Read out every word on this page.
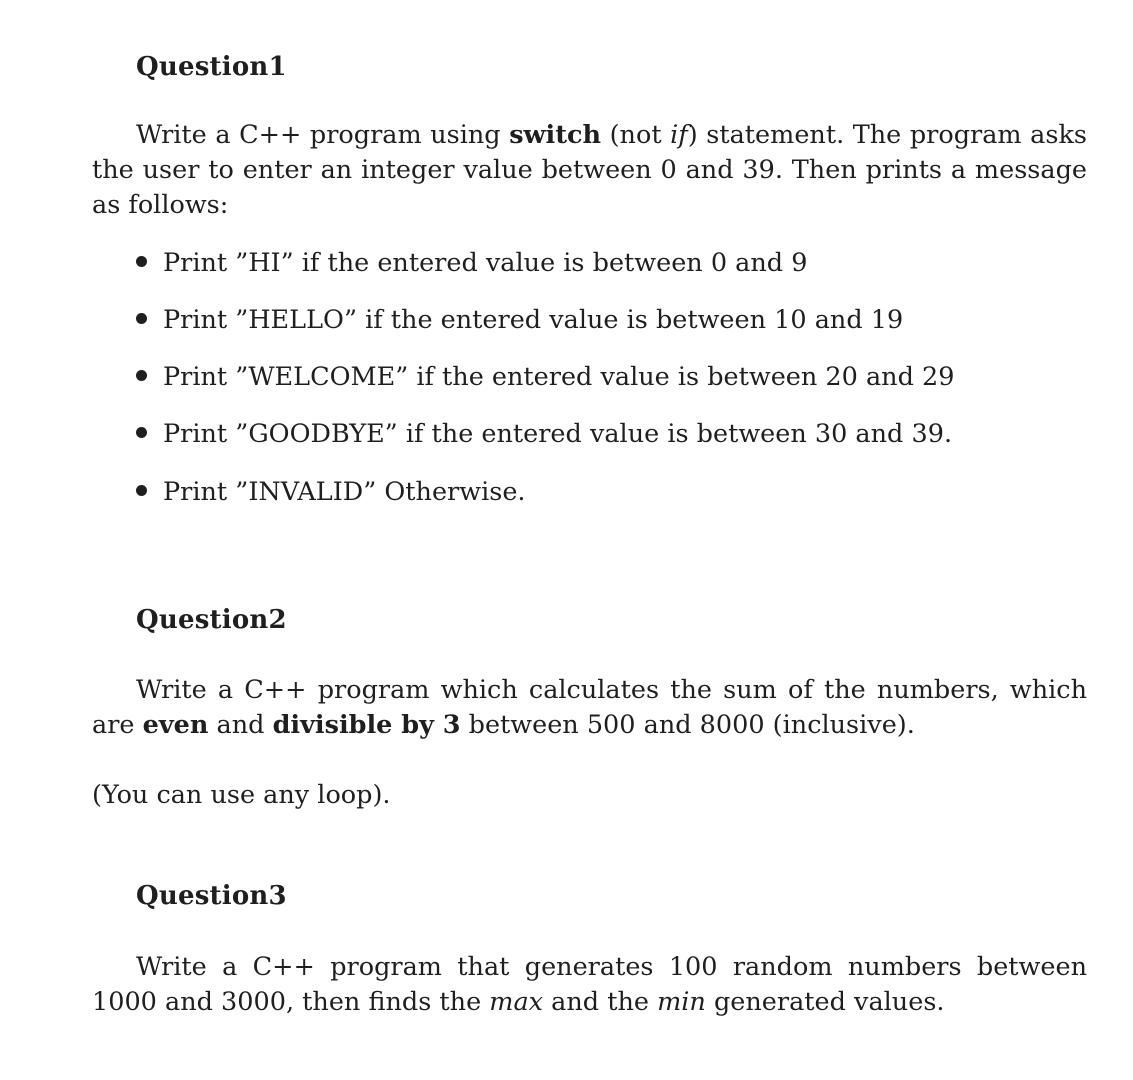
Question1
Write a C++ program using switch (not if) statement. The program asks the user to enter an integer value between 0 and 39. Then prints a message as follows:
Print ”HI” if the entered value is between 0 and 9
Print ”HELLO” if the entered value is between 10 and 19
Print ”WELCOME” if the entered value is between 20 and 29
Print ”GOODBYE” if the entered value is between 30 and 39.
Print ”INVALID” Otherwise.
Question2
Write a C++ program which calculates the sum of the numbers, which are even and divisible by 3 between 500 and 8000 (inclusive).
(You can use any loop).
Question3
Write a C++ program that generates 100 random numbers between 1000 and 3000, then finds the max and the min generated values.
